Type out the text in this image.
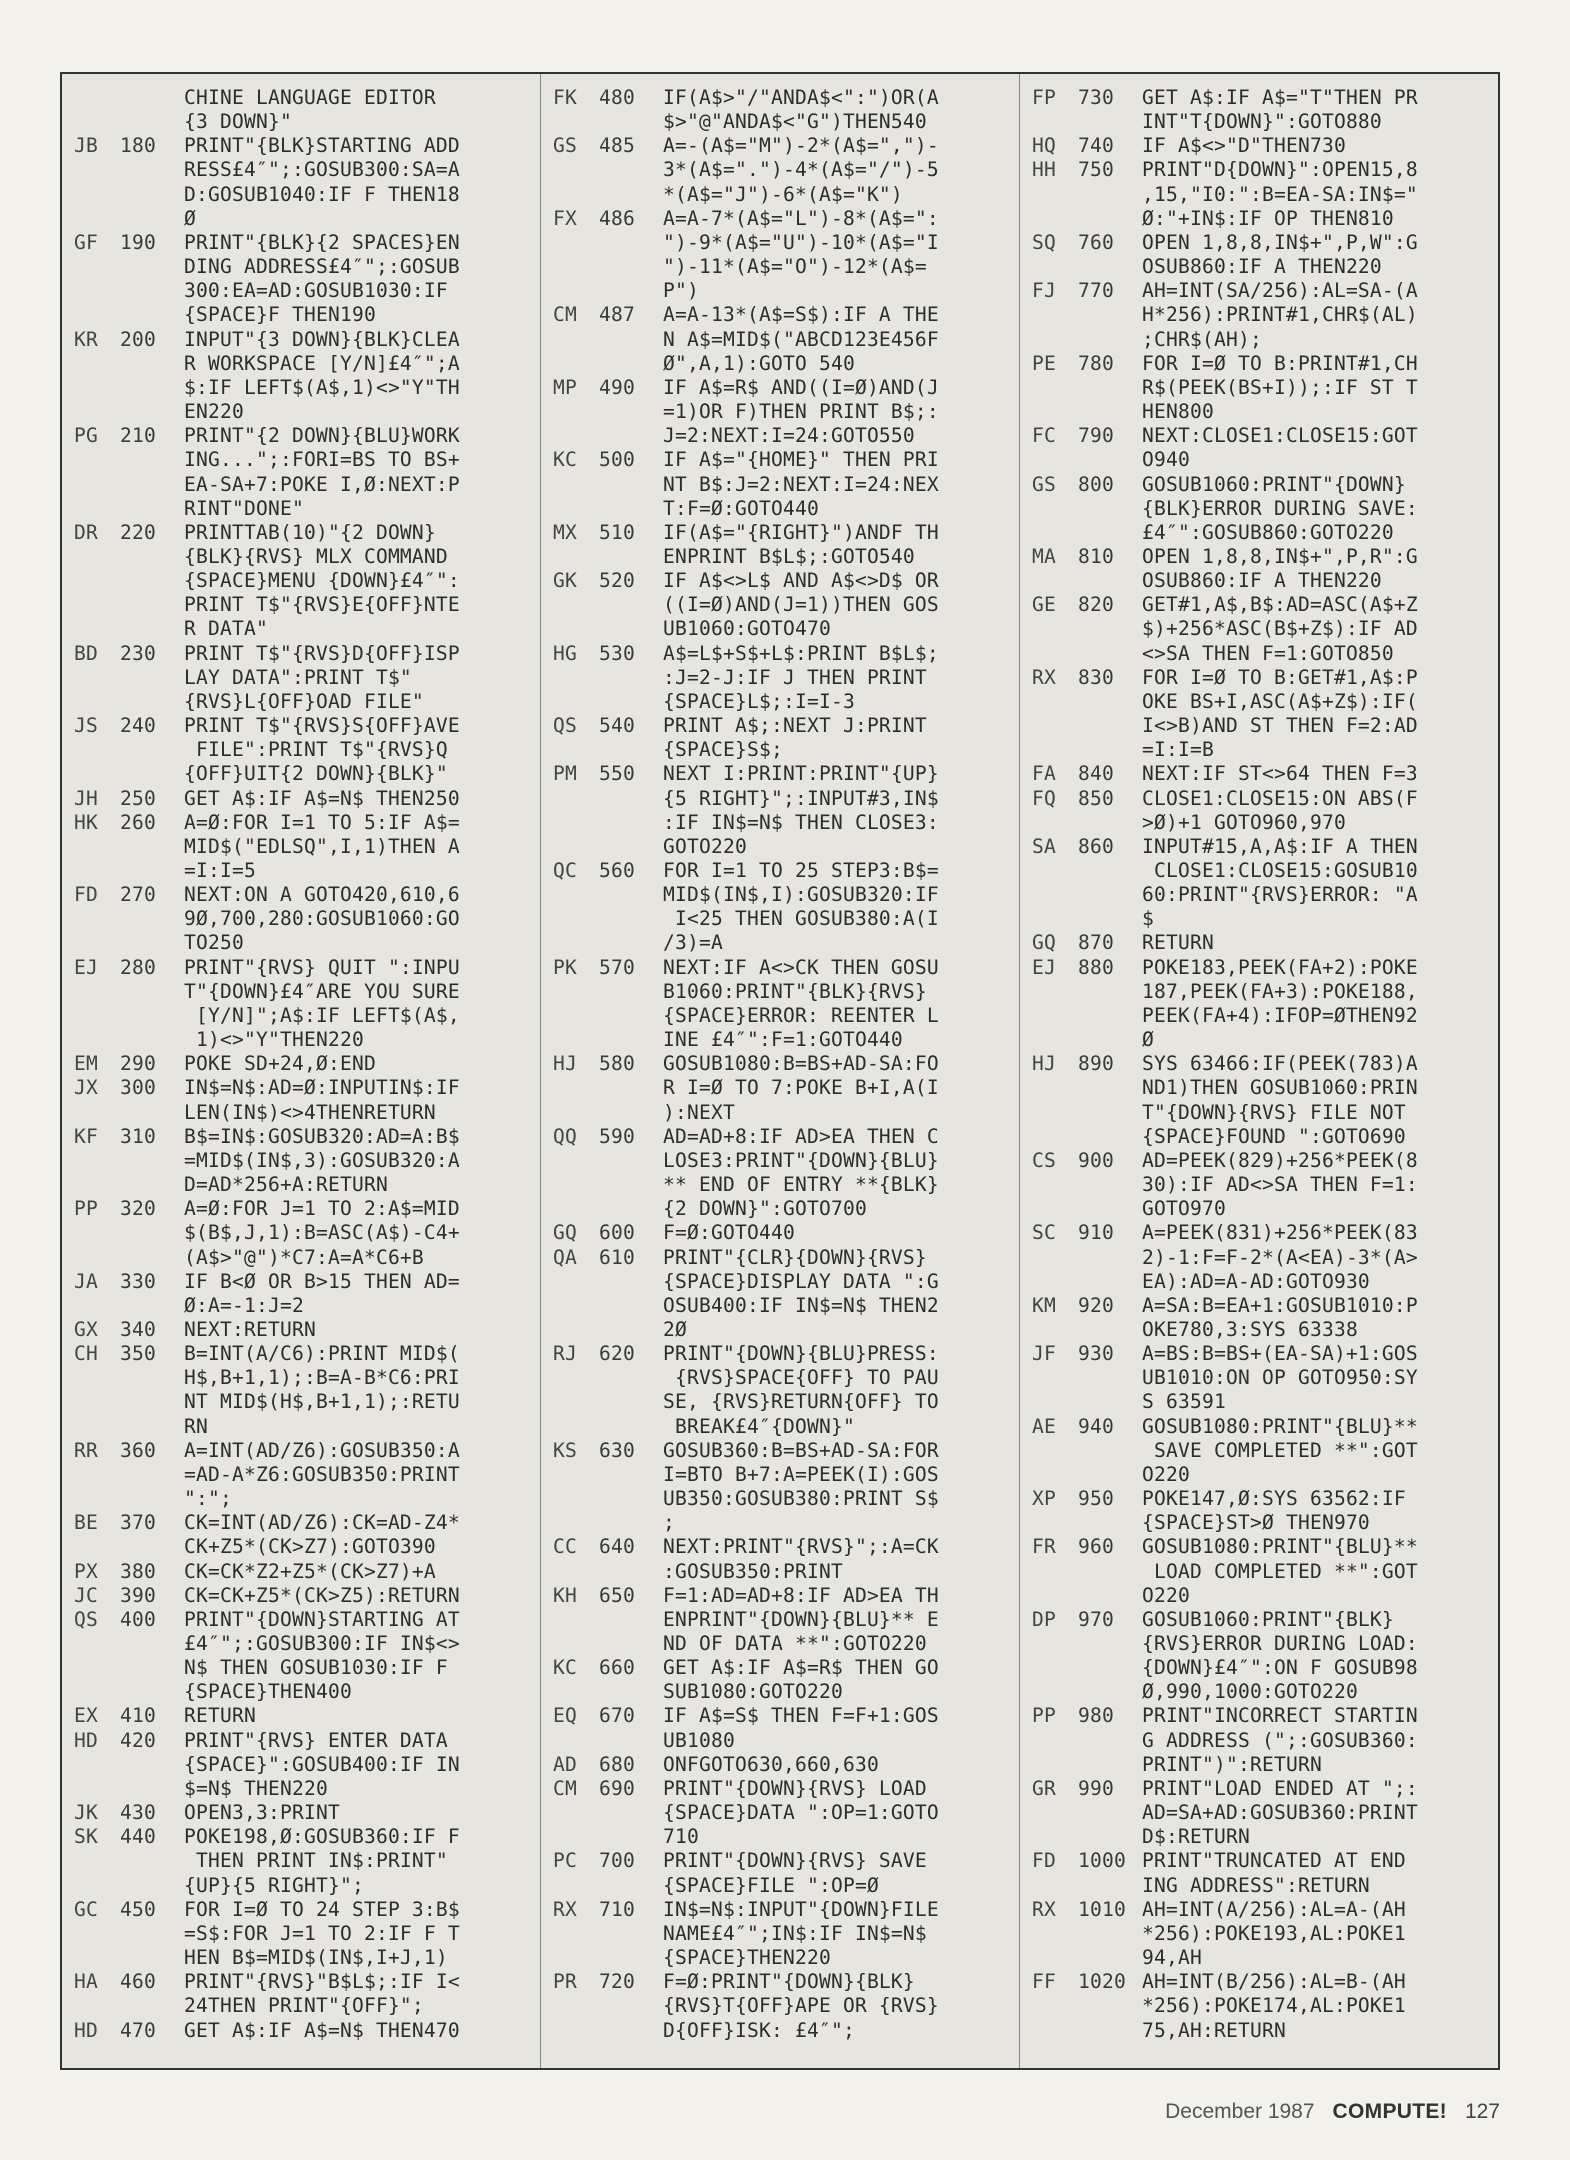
CHINE LANGUAGE EDITOR
{3 DOWN}"
JB	180	PRINT"{BLK}STARTING ADD
RESS£4″";:GOSUB300:SA=A
D:GOSUB1040:IF F THEN18
Ø
GF	190	PRINT"{BLK}{2 SPACES}EN
DING ADDRESS£4″";:GOSUB
300:EA=AD:GOSUB1030:IF
{SPACE}F THEN190
KR	200	INPUT"{3 DOWN}{BLK}CLEA
R WORKSPACE [Y/N]£4″";A
$:IF LEFT$(A$,1)<>"Y"TH
EN220
PG	210	PRINT"{2 DOWN}{BLU}WORK
ING...";:FORI=BS TO BS+
EA-SA+7:POKE I,Ø:NEXT:P
RINT"DONE"
DR	220	PRINTTAB(10)"{2 DOWN}
{BLK}{RVS} MLX COMMAND
{SPACE}MENU {DOWN}£4″":
PRINT T$"{RVS}E{OFF}NTE
R DATA"
BD	230	PRINT T$"{RVS}D{OFF}ISP
LAY DATA":PRINT T$"
{RVS}L{OFF}OAD FILE"
JS	240	PRINT T$"{RVS}S{OFF}AVE
FILE":PRINT T$"{RVS}Q
{OFF}UIT{2 DOWN}{BLK}"
JH	250	GET A$:IF A$=N$ THEN250
HK	260	A=Ø:FOR I=1 TO 5:IF A$=
MID$("EDLSQ",I,1)THEN A
=I:I=5
FD	270	NEXT:ON A GOTO420,610,6
9Ø,700,280:GOSUB1060:GO
TO250
EJ	280	PRINT"{RVS} QUIT ":INPU
T"{DOWN}£4″ARE YOU SURE
[Y/N]";A$:IF LEFT$(A$,
1)<>"Y"THEN220
EM	290	POKE SD+24,Ø:END
JX	300	IN$=N$:AD=Ø:INPUTIN$:IF
LEN(IN$)<>4THENRETURN
KF	310	B$=IN$:GOSUB320:AD=A:B$
=MID$(IN$,3):GOSUB320:A
D=AD*256+A:RETURN
PP	320	A=Ø:FOR J=1 TO 2:A$=MID
$(B$,J,1):B=ASC(A$)-C4+
(A$>"@")*C7:A=A*C6+B
JA	330	IF B<Ø OR B>15 THEN AD=
Ø:A=-1:J=2
GX	340	NEXT:RETURN
CH	350	B=INT(A/C6):PRINT MID$(
H$,B+1,1);:B=A-B*C6:PRI
NT MID$(H$,B+1,1);:RETU
RN
RR	360	A=INT(AD/Z6):GOSUB350:A
=AD-A*Z6:GOSUB350:PRINT
":";
BE	370	CK=INT(AD/Z6):CK=AD-Z4*
CK+Z5*(CK>Z7):GOTO390
PX	380	CK=CK*Z2+Z5*(CK>Z7)+A
JC	390	CK=CK+Z5*(CK>Z5):RETURN
QS	400	PRINT"{DOWN}STARTING AT
£4″";:GOSUB300:IF IN$<>
N$ THEN GOSUB1030:IF F
{SPACE}THEN400
EX	410	RETURN
HD	420	PRINT"{RVS} ENTER DATA
{SPACE}":GOSUB400:IF IN
$=N$ THEN220
JK	430	OPEN3,3:PRINT
SK	440	POKE198,Ø:GOSUB360:IF F
THEN PRINT IN$:PRINT"
{UP}{5 RIGHT}";
GC	450	FOR I=Ø TO 24 STEP 3:B$
=S$:FOR J=1 TO 2:IF F T
HEN B$=MID$(IN$,I+J,1)
HA	460	PRINT"{RVS}"B$L$;:IF I<
24THEN PRINT"{OFF}";
HD	470	GET A$:IF A$=N$ THEN470
FK	480	IF(A$>"/"ANDA$<":")OR(A
$>"@"ANDA$<"G")THEN540
GS	485	A=-(A$="M")-2*(A$=",")-
3*(A$=".")-4*(A$="/")-5
*(A$="J")-6*(A$="K")
FX	486	A=A-7*(A$="L")-8*(A$=":
")-9*(A$="U")-10*(A$="I
")-11*(A$="O")-12*(A$=
P")
CM	487	A=A-13*(A$=S$):IF A THE
N A$=MID$("ABCD123E456F
Ø",A,1):GOTO 540
MP	490	IF A$=R$ AND((I=Ø)AND(J
=1)OR F)THEN PRINT B$;:
J=2:NEXT:I=24:GOTO550
KC	500	IF A$="{HOME}" THEN PRI
NT B$:J=2:NEXT:I=24:NEX
T:F=Ø:GOTO440
MX	510	IF(A$="{RIGHT}")ANDF TH
ENPRINT B$L$;:GOTO540
GK	520	IF A$<>L$ AND A$<>D$ OR
((I=Ø)AND(J=1))THEN GOS
UB1060:GOTO470
HG	530	A$=L$+S$+L$:PRINT B$L$;
:J=2-J:IF J THEN PRINT
{SPACE}L$;:I=I-3
QS	540	PRINT A$;:NEXT J:PRINT
{SPACE}S$;
PM	550	NEXT I:PRINT:PRINT"{UP}
{5 RIGHT}";:INPUT#3,IN$
:IF IN$=N$ THEN CLOSE3:
GOTO220
QC	560	FOR I=1 TO 25 STEP3:B$=
MID$(IN$,I):GOSUB320:IF
I<25 THEN GOSUB380:A(I
/3)=A
PK	570	NEXT:IF A<>CK THEN GOSU
B1060:PRINT"{BLK}{RVS}
{SPACE}ERROR: REENTER L
INE £4″":F=1:GOTO440
HJ	580	GOSUB1080:B=BS+AD-SA:FO
R I=Ø TO 7:POKE B+I,A(I
):NEXT
QQ	590	AD=AD+8:IF AD>EA THEN C
LOSE3:PRINT"{DOWN}{BLU}
** END OF ENTRY **{BLK}
{2 DOWN}":GOTO700
GQ	600	F=Ø:GOTO440
QA	610	PRINT"{CLR}{DOWN}{RVS}
{SPACE}DISPLAY DATA ":G
OSUB400:IF IN$=N$ THEN2
2Ø
RJ	620	PRINT"{DOWN}{BLU}PRESS:
{RVS}SPACE{OFF} TO PAU
SE, {RVS}RETURN{OFF} TO
BREAK£4″{DOWN}"
KS	630	GOSUB360:B=BS+AD-SA:FOR
I=BTO B+7:A=PEEK(I):GOS
UB350:GOSUB380:PRINT S$
;
CC	640	NEXT:PRINT"{RVS}";:A=CK
:GOSUB350:PRINT
KH	650	F=1:AD=AD+8:IF AD>EA TH
ENPRINT"{DOWN}{BLU}** E
ND OF DATA **":GOTO220
KC	660	GET A$:IF A$=R$ THEN GO
SUB1080:GOTO220
EQ	670	IF A$=S$ THEN F=F+1:GOS
UB1080
AD	680	ONFGOTO630,660,630
CM	690	PRINT"{DOWN}{RVS} LOAD
{SPACE}DATA ":OP=1:GOTO
710
PC	700	PRINT"{DOWN}{RVS} SAVE
{SPACE}FILE ":OP=Ø
RX	710	IN$=N$:INPUT"{DOWN}FILE
NAME£4″";IN$:IF IN$=N$
{SPACE}THEN220
PR	720	F=Ø:PRINT"{DOWN}{BLK}
{RVS}T{OFF}APE OR {RVS}
D{OFF}ISK: £4″";
FP	730	GET A$:IF A$="T"THEN PR
INT"T{DOWN}":GOTO880
HQ	740	IF A$<>"D"THEN730
HH	750	PRINT"D{DOWN}":OPEN15,8
,15,"I0:":B=EA-SA:IN$="
Ø:"+IN$:IF OP THEN810
SQ	760	OPEN 1,8,8,IN$+",P,W":G
OSUB860:IF A THEN220
FJ	770	AH=INT(SA/256):AL=SA-(A
H*256):PRINT#1,CHR$(AL)
;CHR$(AH);
PE	780	FOR I=Ø TO B:PRINT#1,CH
R$(PEEK(BS+I));:IF ST T
HEN800
FC	790	NEXT:CLOSE1:CLOSE15:GOT
O940
GS	800	GOSUB1060:PRINT"{DOWN}
{BLK}ERROR DURING SAVE:
£4″":GOSUB860:GOTO220
MA	810	OPEN 1,8,8,IN$+",P,R":G
OSUB860:IF A THEN220
GE	820	GET#1,A$,B$:AD=ASC(A$+Z
$)+256*ASC(B$+Z$):IF AD
<>SA THEN F=1:GOTO850
RX	830	FOR I=Ø TO B:GET#1,A$:P
OKE BS+I,ASC(A$+Z$):IF(
I<>B)AND ST THEN F=2:AD
=I:I=B
FA	840	NEXT:IF ST<>64 THEN F=3
FQ	850	CLOSE1:CLOSE15:ON ABS(F
>Ø)+1 GOTO960,970
SA	860	INPUT#15,A,A$:IF A THEN
CLOSE1:CLOSE15:GOSUB10
60:PRINT"{RVS}ERROR: "A
$
GQ	870	RETURN
EJ	880	POKE183,PEEK(FA+2):POKE
187,PEEK(FA+3):POKE188,
PEEK(FA+4):IFOP=ØTHEN92
Ø
HJ	890	SYS 63466:IF(PEEK(783)A
ND1)THEN GOSUB1060:PRIN
T"{DOWN}{RVS} FILE NOT
{SPACE}FOUND ":GOTO690
CS	900	AD=PEEK(829)+256*PEEK(8
30):IF AD<>SA THEN F=1:
GOTO970
SC	910	A=PEEK(831)+256*PEEK(83
2)-1:F=F-2*(A<EA)-3*(A>
EA):AD=A-AD:GOTO930
KM	920	A=SA:B=EA+1:GOSUB1010:P
OKE780,3:SYS 63338
JF	930	A=BS:B=BS+(EA-SA)+1:GOS
UB1010:ON OP GOTO950:SY
S 63591
AE	940	GOSUB1080:PRINT"{BLU}**
SAVE COMPLETED **":GOT
O220
XP	950	POKE147,Ø:SYS 63562:IF
{SPACE}ST>Ø THEN970
FR	960	GOSUB1080:PRINT"{BLU}**
LOAD COMPLETED **":GOT
O220
DP	970	GOSUB1060:PRINT"{BLK}
{RVS}ERROR DURING LOAD:
{DOWN}£4″":ON F GOSUB98
Ø,990,1000:GOTO220
PP	980	PRINT"INCORRECT STARTIN
G ADDRESS (";:GOSUB360:
PRINT")":RETURN
GR	990	PRINT"LOAD ENDED AT ";:
AD=SA+AD:GOSUB360:PRINT
D$:RETURN
FD	1000 PRINT"TRUNCATED AT END
ING ADDRESS":RETURN
RX	1010 AH=INT(A/256):AL=A-(AH
*256):POKE193,AL:POKE1
94,AH
FF	1020 AH=INT(B/256):AL=B-(AH
*256):POKE174,AL:POKE1
75,AH:RETURN
December 1987 COMPUTE! 127
